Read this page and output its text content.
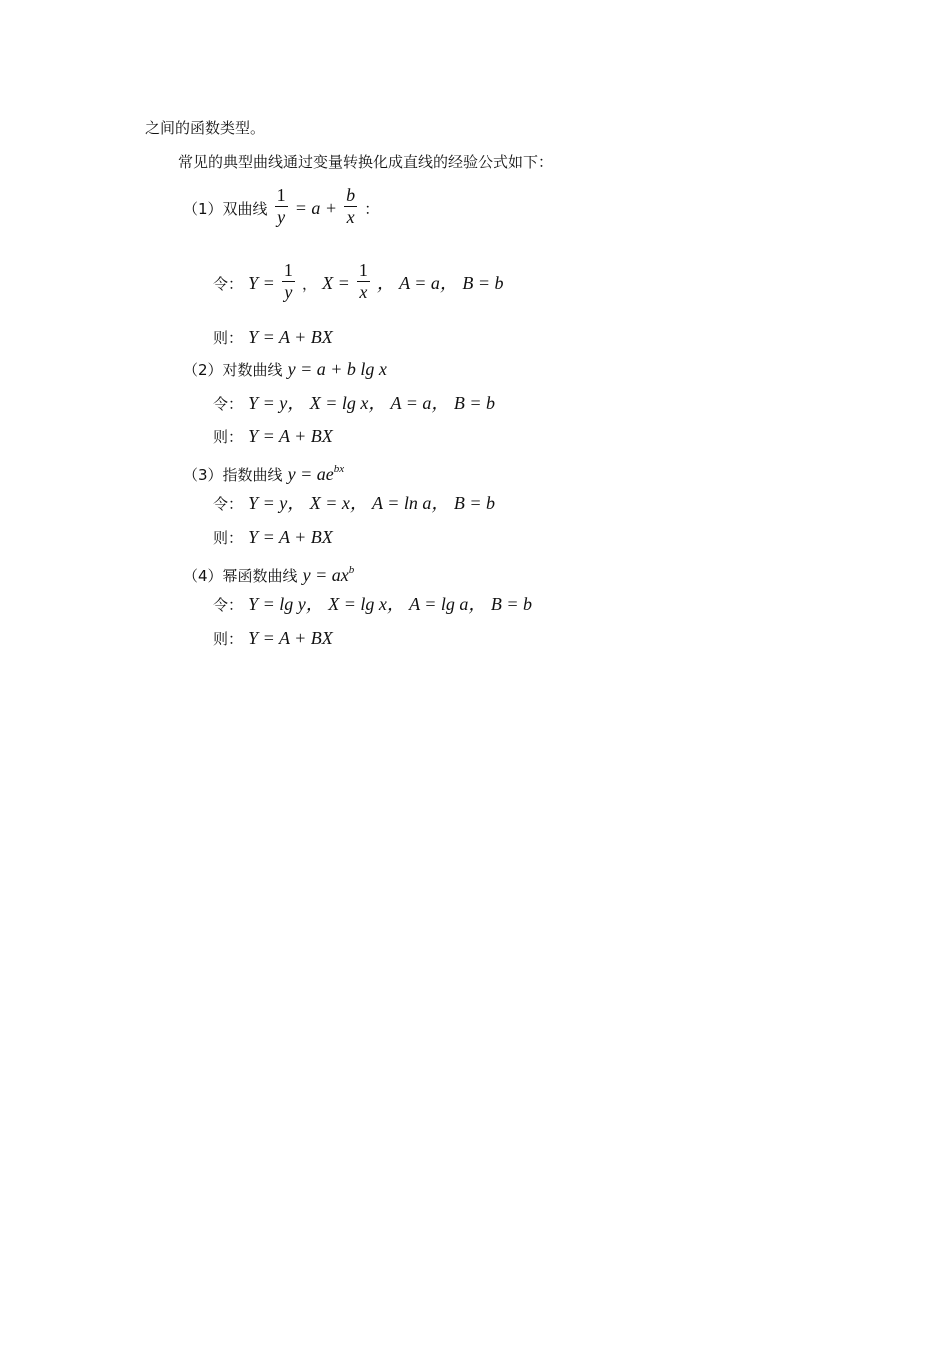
之间的函数类型。
常见的典型曲线通过变量转换化成直线的经验公式如下：
（1）双曲线 $\frac{1}{y} = a + \frac{b}{x}$ ：
令： $Y = \frac{1}{y}$ ， $X = \frac{1}{x}$ ， A = a， B = b
则： Y = A + BX
（2）对数曲线 y = a + b lg x
令： Y = y， X = lg x， A = a， B = b
则： Y = A + BX
（3）指数曲线 $y = ae^{bx}$
令： Y = y， X = x， A = ln a， B = b
则： Y = A + BX
（4）幂函数曲线 $y = ax^b$
令： Y = lg y， X = lg x， A = lg a， B = b
则： Y = A + BX
